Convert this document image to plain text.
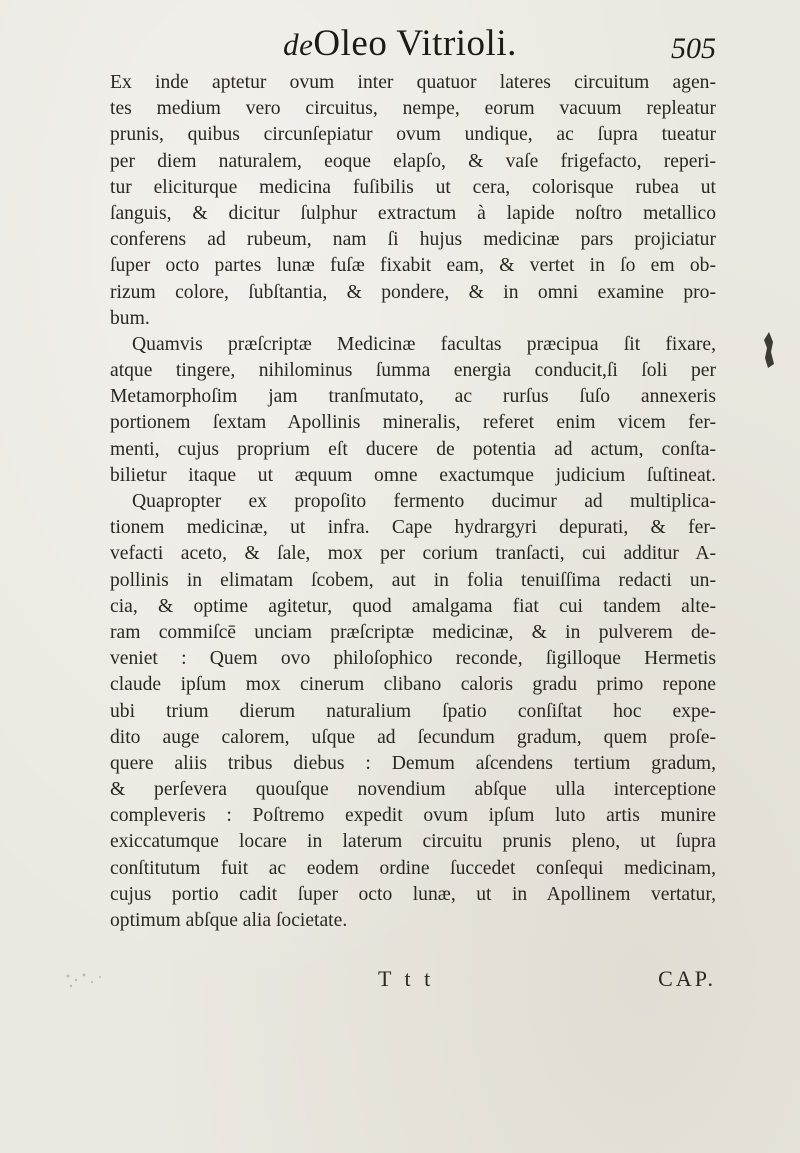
deOleo Vitrioli.	505

Ex inde aptetur ovum inter quatuor lateres circuitum agen-
tes medium vero circuitus, nempe, eorum vacuum repleatur
prunis, quibus circunſepiatur ovum undique, ac ſupra tueatur
per diem naturalem, eoque elapſo, & vaſe frigefacto, reperi-
tur eliciturque medicina fuſibilis ut cera, colorisque rubea ut
ſanguis, & dicitur ſulphur extractum à lapide noſtro metallico
conferens ad rubeum, nam ſi hujus medicinæ pars projiciatur
ſuper octo partes lunæ fuſæ fixabit eam, & vertet in ſo em ob-
rizum colore, ſubſtantia, & pondere, & in omni examine pro-
bum.

Quamvis præſcriptæ Medicinæ facultas præcipua ſit fixare,
atque tingere, nihilominus ſumma energia conducit,ſi ſoli per
Metamorphoſim jam tranſmutato, ac rurſus ſuſo annexeris
portionem ſextam Apollinis mineralis, referet enim vicem fer-
menti, cujus proprium eſt ducere de potentia ad actum, conſta-
bilietur itaque ut æquum omne exactumque judicium ſuſtineat.

Quapropter ex propoſito fermento ducimur ad multiplica-
tionem medicinæ, ut infra. Cape hydrargyri depurati, & fer-
vefacti aceto, & ſale, mox per corium tranſacti, cui additur A-
pollinis in elimatam ſcobem, aut in folia tenuiſſima redacti un-
cia, & optime agitetur, quod amalgama fiat cui tandem alte-
ram commiſcē unciam præſcriptæ medicinæ, & in pulverem de-
veniet : Quem ovo philoſophico reconde, ſigilloque Hermetis
claude ipſum mox cinerum clibano caloris gradu primo repone
ubi trium dierum naturalium ſpatio conſiſtat hoc expe-
dito auge calorem, uſque ad ſecundum gradum, quem proſe-
quere aliis tribus diebus : Demum aſcendens tertium gradum,
& perſevera quouſque novendium abſque ulla interceptione
compleveris : Poſtremo expedit ovum ipſum luto artis munire
exiccatumque locare in laterum circuitu prunis pleno, ut ſupra
conſtitutum fuit ac eodem ordine ſuccedet conſequi medicinam,
cujus portio cadit ſuper octo lunæ, ut in Apollinem vertatur,
optimum abſque alia ſocietate.

T t t	CAP.
